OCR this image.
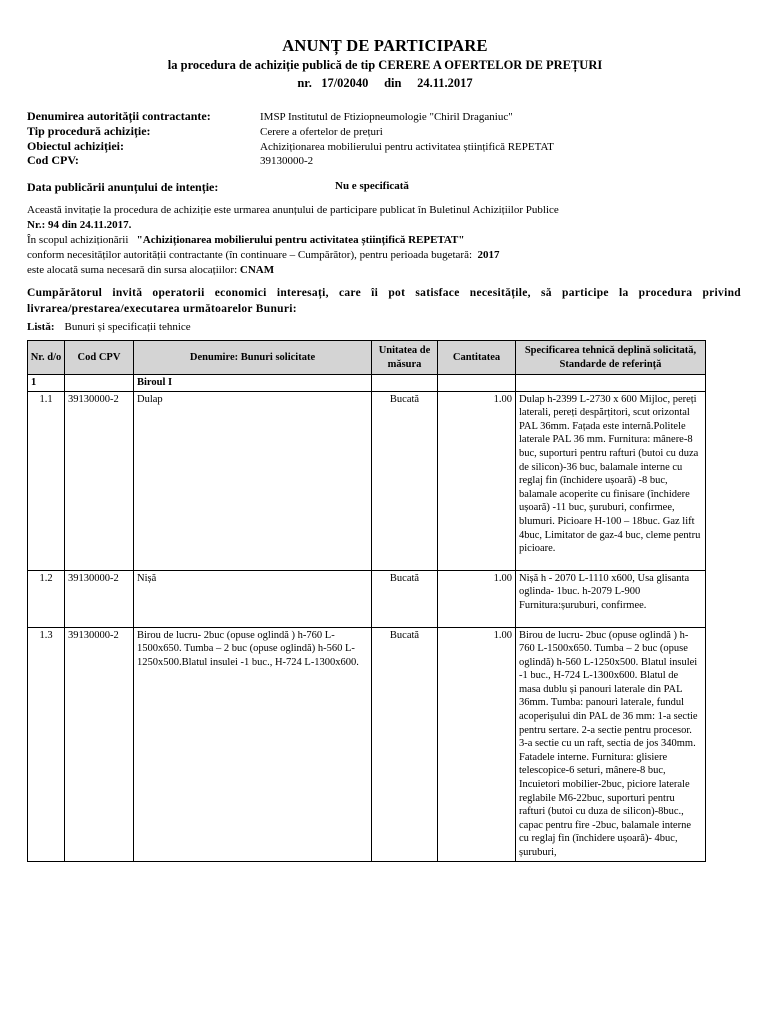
ANUNȚ DE PARTICIPARE
la procedura de achiziție publică de tip CERERE A OFERTELOR DE PREȚURI
nr. 17/02040 din 24.11.2017
Denumirea autorității contractante:	IMSP Institutul de Ftiziopneumologie "Chiril Draganiuc"
Tip procedură achiziție:	Cerere a ofertelor de prețuri
Obiectul achiziției:	Achiziționarea mobilierului pentru activitatea științifică REPETAT
Cod CPV:	39130000-2
Data publicării anunțului de intenție:	Nu e specificată
Această invitație la procedura de achiziție este urmarea anunțului de participare publicat în Buletinul Achizițiilor Publice
Nr.: 94 din 24.11.2017.
În scopul achiziționării "Achiziționarea mobilierului pentru activitatea științifică REPETAT"
conform necesităților autorității contractante (în continuare – Cumpărător), pentru perioada bugetară: 2017
este alocată suma necesară din sursa alocațiilor: CNAM
Cumpărătorul invită operatorii economici interesați, care îi pot satisface necesitățile, să participe la procedura privind livrarea/prestarea/executarea următoarelor Bunuri:
Listă: Bunuri și specificații tehnice
Nr. d/o	Cod CPV	Denumire: Bunuri solicitate	Unitatea de măsura	Cantitatea	Specificarea tehnică deplină solicitată, Standarde de referință
1		Biroul I			
1.1	39130000-2	Dulap	Bucată	1.00	Dulap h-2399 L-2730 x 600 Mijloc, pereți laterali, pereți despărțitori, scut orizontal PAL 36mm. Fațada este internă.Politele laterale PAL 36 mm. Furnitura: mânere-8 buc, suporturi pentru rafturi (butoi cu duza de silicon)-36 buc, balamale interne cu reglaj fin (închidere ușoară) -8 buc, balamale acoperite cu finisare (închidere ușoară) -11 buc, șuruburi, confirmee, blumuri. Picioare H-100 – 18buc. Gaz lift 4buc, Limitator de gaz-4 buc, cleme pentru picioare.
1.2	39130000-2	Nișă	Bucată	1.00	Nișă h - 2070 L-1110 x600, Usa glisanta oglinda- 1buc. h-2079 L-900 Furnitura:șuruburi, confirmee.
1.3	39130000-2	Birou de lucru- 2buc (opuse oglindă ) h-760 L-1500x650. Tumba – 2 buc (opuse oglindă) h-560 L-1250x500.Blatul insulei -1 buc., H-724 L-1300x600.	Bucată	1.00	Birou de lucru- 2buc (opuse oglindă ) h-760 L-1500x650. Tumba – 2 buc (opuse oglindă) h-560 L-1250x500. Blatul insulei -1 buc., H-724 L-1300x600. Blatul de masa dublu și panouri laterale din PAL 36mm. Tumba: panouri laterale, fundul acoperișului din PAL de 36 mm: 1-a sectie pentru sertare. 2-a sectie pentru procesor. 3-a sectie cu un raft, sectia de jos 340mm. Fatadele interne. Furnitura: glisiere telescopice-6 seturi, mânere-8 buc, Incuietori mobilier-2buc, piciore laterale reglabile M6-22buc, suporturi pentru rafturi (butoi cu duza de silicon)-8buc., capac pentru fire -2buc, balamale interne cu reglaj fin (închidere ușoară)- 4buc, șuruburi,
